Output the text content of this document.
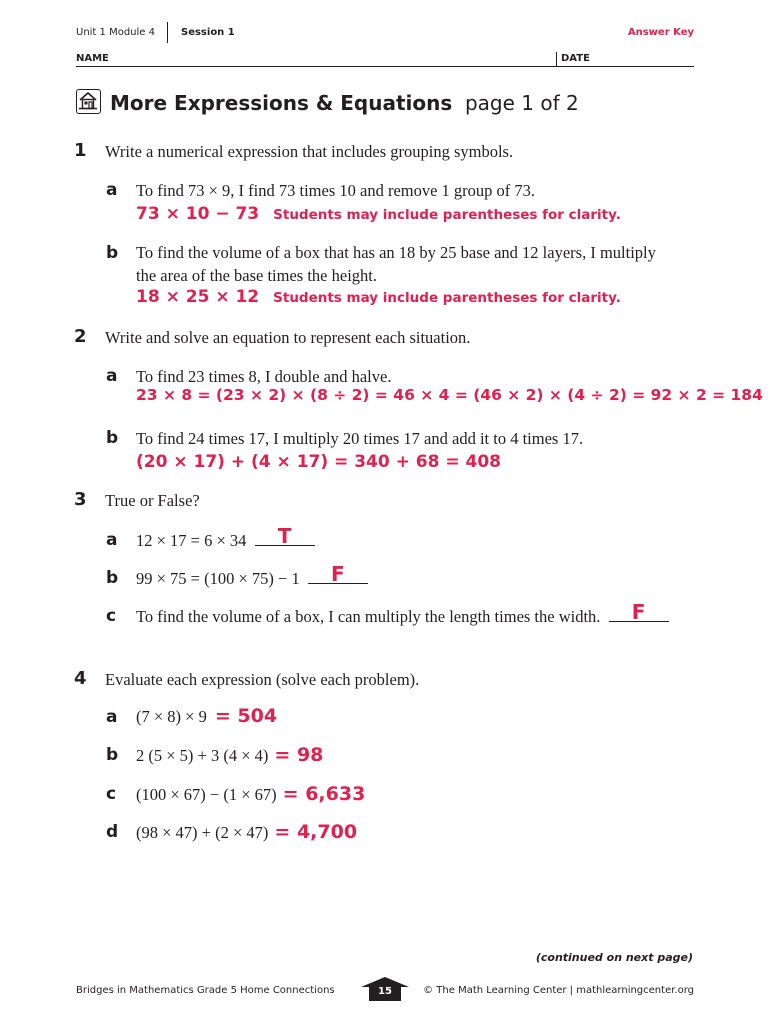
Unit 1 Module 4	Session 1	Answer Key
NAME	DATE
More Expressions & Equations page 1 of 2
1 Write a numerical expression that includes grouping symbols.
a To find 73 × 9, I find 73 times 10 and remove 1 group of 73.
73 × 10 − 73 Students may include parentheses for clarity.
b To find the volume of a box that has an 18 by 25 base and 12 layers, I multiply
the area of the base times the height.
18 × 25 × 12 Students may include parentheses for clarity.
2 Write and solve an equation to represent each situation.
a To find 23 times 8, I double and halve.
23 × 8 = (23 × 2) × (8 ÷ 2) = 46 × 4 = (46 × 2) × (4 ÷ 2) = 92 × 2 = 184
b To find 24 times 17, I multiply 20 times 17 and add it to 4 times 17.
(20 × 17) + (4 × 17) = 340 + 68 = 408
3 True or False?
a 12 × 17 = 6 × 34	T
b 99 × 75 = (100 × 75) − 1	F
c To find the volume of a box, I can multiply the length times the width.	F
4 Evaluate each expression (solve each problem).
a (7 × 8) × 9 = 504
b 2 (5 × 5) + 3 (4 × 4) = 98
c (100 × 67) − (1 × 67) = 6,633
d (98 × 47) + (2 × 47) = 4,700
(continued on next page)
Bridges in Mathematics Grade 5 Home Connections	15	© The Math Learning Center | mathlearningcenter.org
